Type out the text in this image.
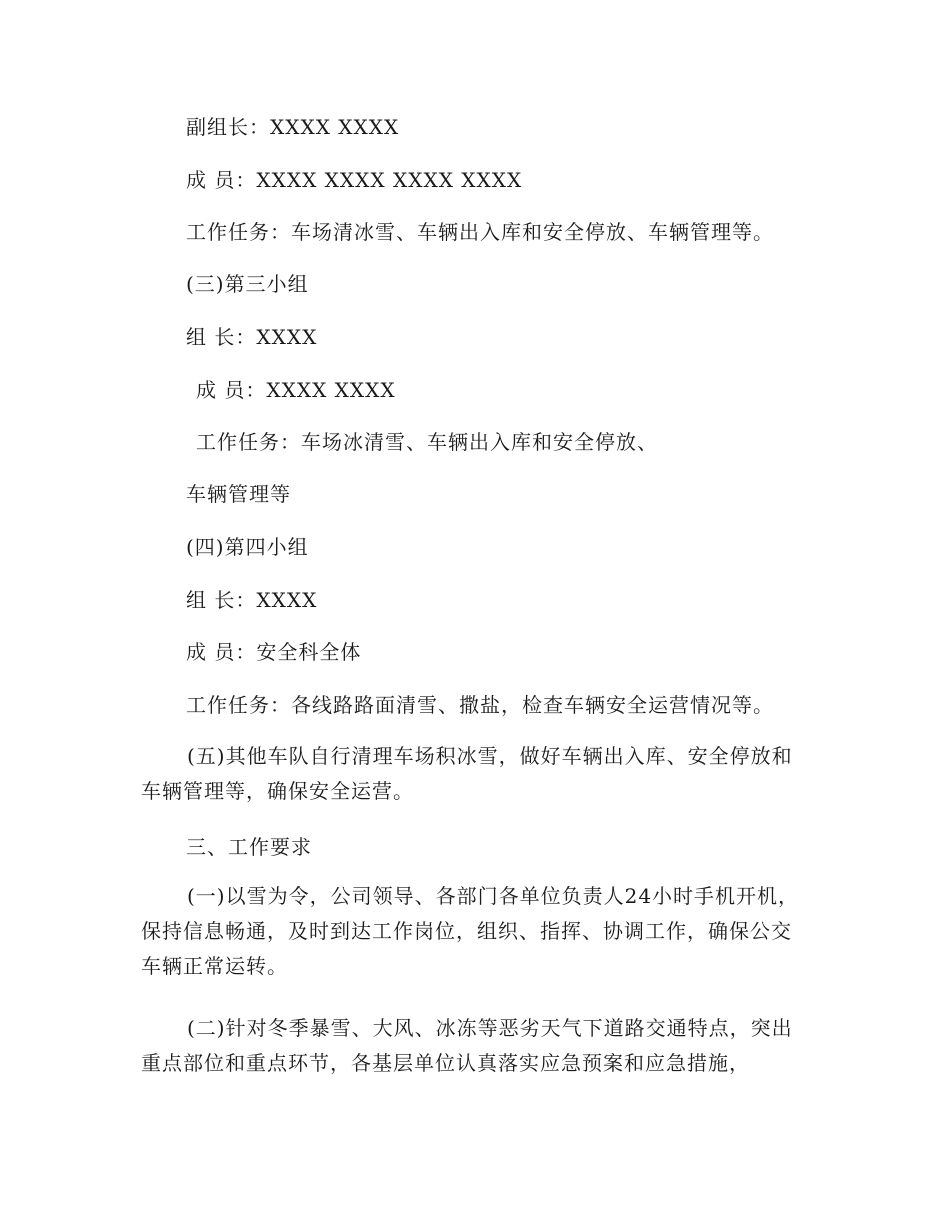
副组长：XXXX XXXX
成 员：XXXX XXXX XXXX XXXX
工作任务：车场清冰雪、车辆出入库和安全停放、车辆管理等。
(三)第三小组
组 长：XXXX
成 员：XXXX XXXX
工作任务：车场冰清雪、车辆出入库和安全停放、
车辆管理等
(四)第四小组
组 长：XXXX
成 员：安全科全体
工作任务：各线路路面清雪、撒盐，检查车辆安全运营情况等。
(五)其他车队自行清理车场积冰雪，做好车辆出入库、安全停放和车辆管理等，确保安全运营。
三、工作要求
(一)以雪为令，公司领导、各部门各单位负责人24小时手机开机，保持信息畅通，及时到达工作岗位，组织、指挥、协调工作，确保公交车辆正常运转。
(二)针对冬季暴雪、大风、冰冻等恶劣天气下道路交通特点，突出重点部位和重点环节，各基层单位认真落实应急预案和应急措施，
